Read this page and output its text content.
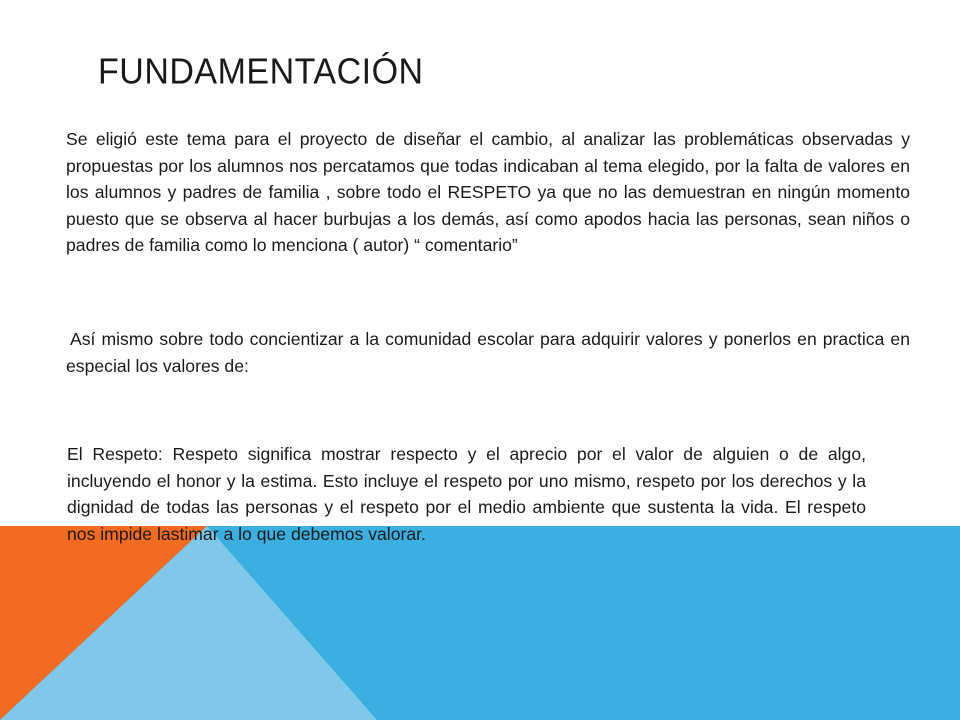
FUNDAMENTACIÓN

Se eligió este tema para el proyecto de diseñar el cambio, al analizar las problemáticas observadas y propuestas por los alumnos nos percatamos que todas indicaban al tema elegido, por la falta de valores en los alumnos y padres de familia , sobre todo el RESPETO ya que no las demuestran en ningún momento puesto que se observa al hacer burbujas a los demás, así como apodos hacia las personas, sean niños o padres de familia como lo menciona ( autor) “ comentario”

Así mismo sobre todo concientizar a la comunidad escolar para adquirir valores y ponerlos en practica en especial los valores de:

El Respeto: Respeto significa mostrar respecto y el aprecio por el valor de alguien o de algo, incluyendo el honor y la estima. Esto incluye el respeto por uno mismo, respeto por los derechos y la dignidad de todas las personas y el respeto por el medio ambiente que sustenta la vida. El respeto nos impide lastimar a lo que debemos valorar.
